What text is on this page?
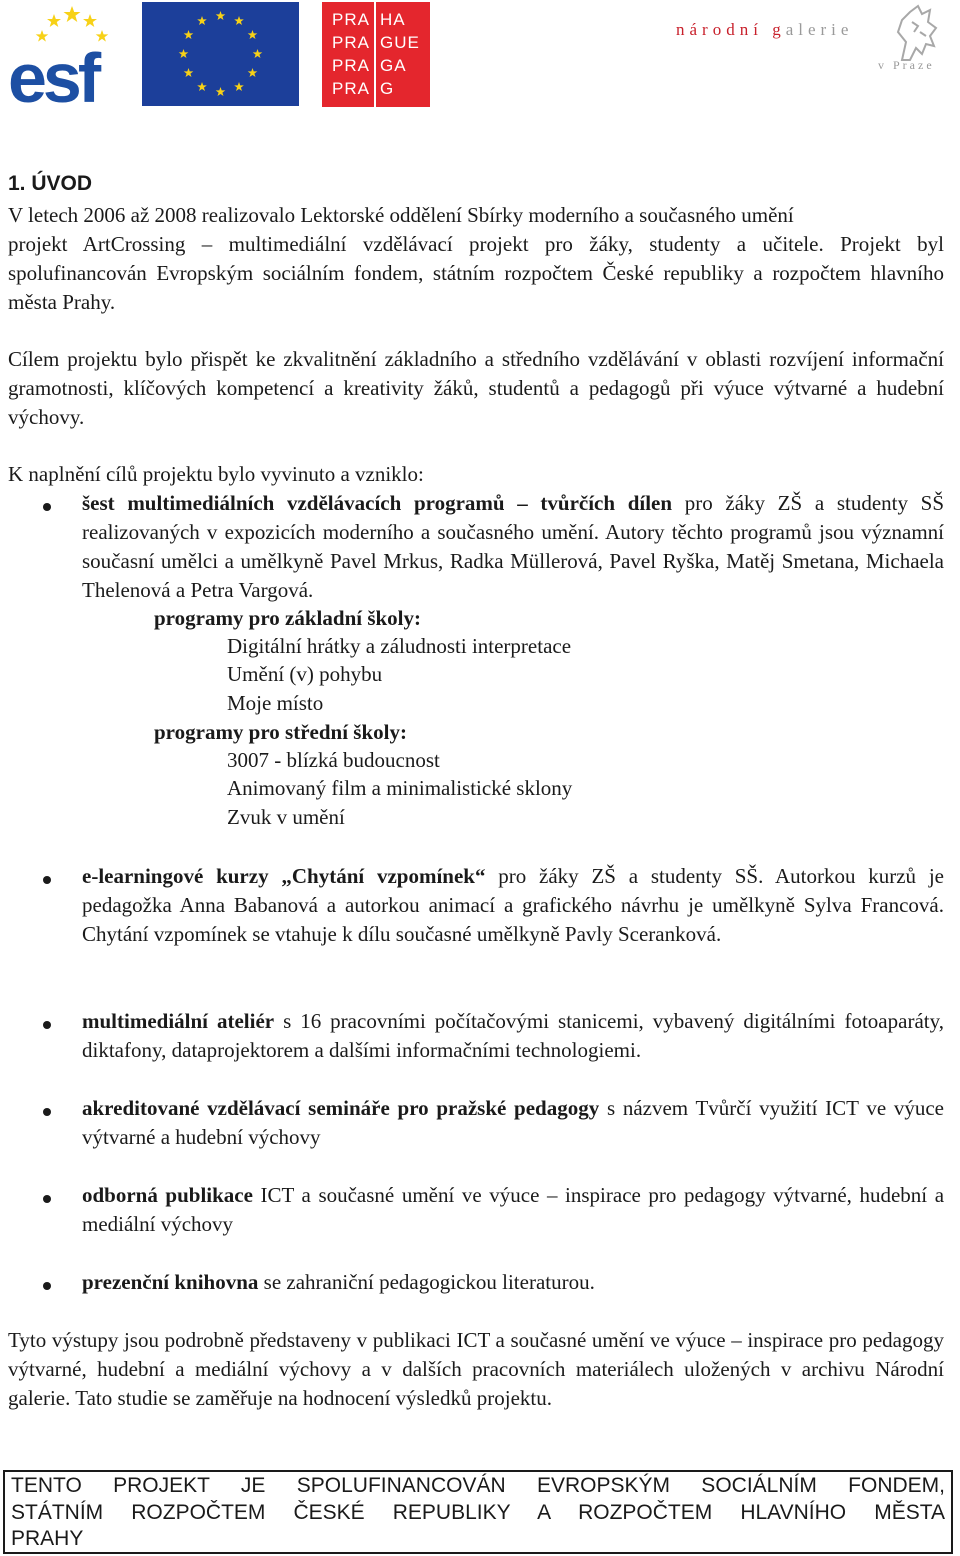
esf
PRA
PRA
PRA
PRA
HA
GUE
GA
G
národní galerie
v Praze
1. ÚVOD

V letech 2006 až 2008 realizovalo Lektorské oddělení Sbírky moderního a současného umění

projekt ArtCrossing – multimediální vzdělávací projekt pro žáky, studenty a učitele. Projekt byl spolufinancován Evropským sociálním fondem, státním rozpočtem České republiky a rozpočtem hlavního města Prahy.

Cílem projektu bylo přispět ke zkvalitnění základního a středního vzdělávání v oblasti rozvíjení informační gramotnosti, klíčových kompetencí a kreativity žáků, studentů a pedagogů při výuce výtvarné a hudební výchovy.

K naplnění cílů projektu bylo vyvinuto a vzniklo:

šest multimediálních vzdělávacích programů – tvůrčích dílen pro žáky ZŠ a studenty SŠ realizovaných v expozicích moderního a současného umění. Autory těchto programů jsou významní současní umělci a umělkyně Pavel Mrkus, Radka Müllerová, Pavel Ryška, Matěj Smetana, Michaela Thelenová a Petra Vargová.

programy pro základní školy:
Digitální hrátky a záludnosti interpretace
Umění (v) pohybu
Moje místo
programy pro střední školy:
3007 - blízká budoucnost
Animovaný film a minimalistické sklony
Zvuk v umění

e-learningové kurzy „Chytání vzpomínek“ pro žáky ZŠ a studenty SŠ. Autorkou kurzů je pedagožka Anna Babanová a autorkou animací a grafického návrhu je umělkyně Sylva Francová. Chytání vzpomínek se vtahuje k dílu současné umělkyně Pavly Sceranková.

multimediální ateliér s 16 pracovními počítačovými stanicemi, vybavený digitálními fotoaparáty, diktafony, dataprojektorem a dalšími informačními technologiemi.

akreditované vzdělávací semináře pro pražské pedagogy s názvem Tvůrčí využití ICT ve výuce výtvarné a hudební výchovy

odborná publikace ICT a současné umění ve výuce – inspirace pro pedagogy výtvarné, hudební a mediální výchovy

prezenční knihovna se zahraniční pedagogickou literaturou.

Tyto výstupy jsou podrobně představeny v publikaci ICT a současné umění ve výuce – inspirace pro pedagogy výtvarné, hudební a mediální výchovy a v dalších pracovních materiálech uložených v archivu Národní galerie. Tato studie se zaměřuje na hodnocení výsledků projektu.

TENTO PROJEKT JE SPOLUFINANCOVÁN EVROPSKÝM SOCIÁLNÍM FONDEM,

STÁTNÍM ROZPOČTEM ČESKÉ REPUBLIKY A ROZPOČTEM HLAVNÍHO MĚSTA

PRAHY
